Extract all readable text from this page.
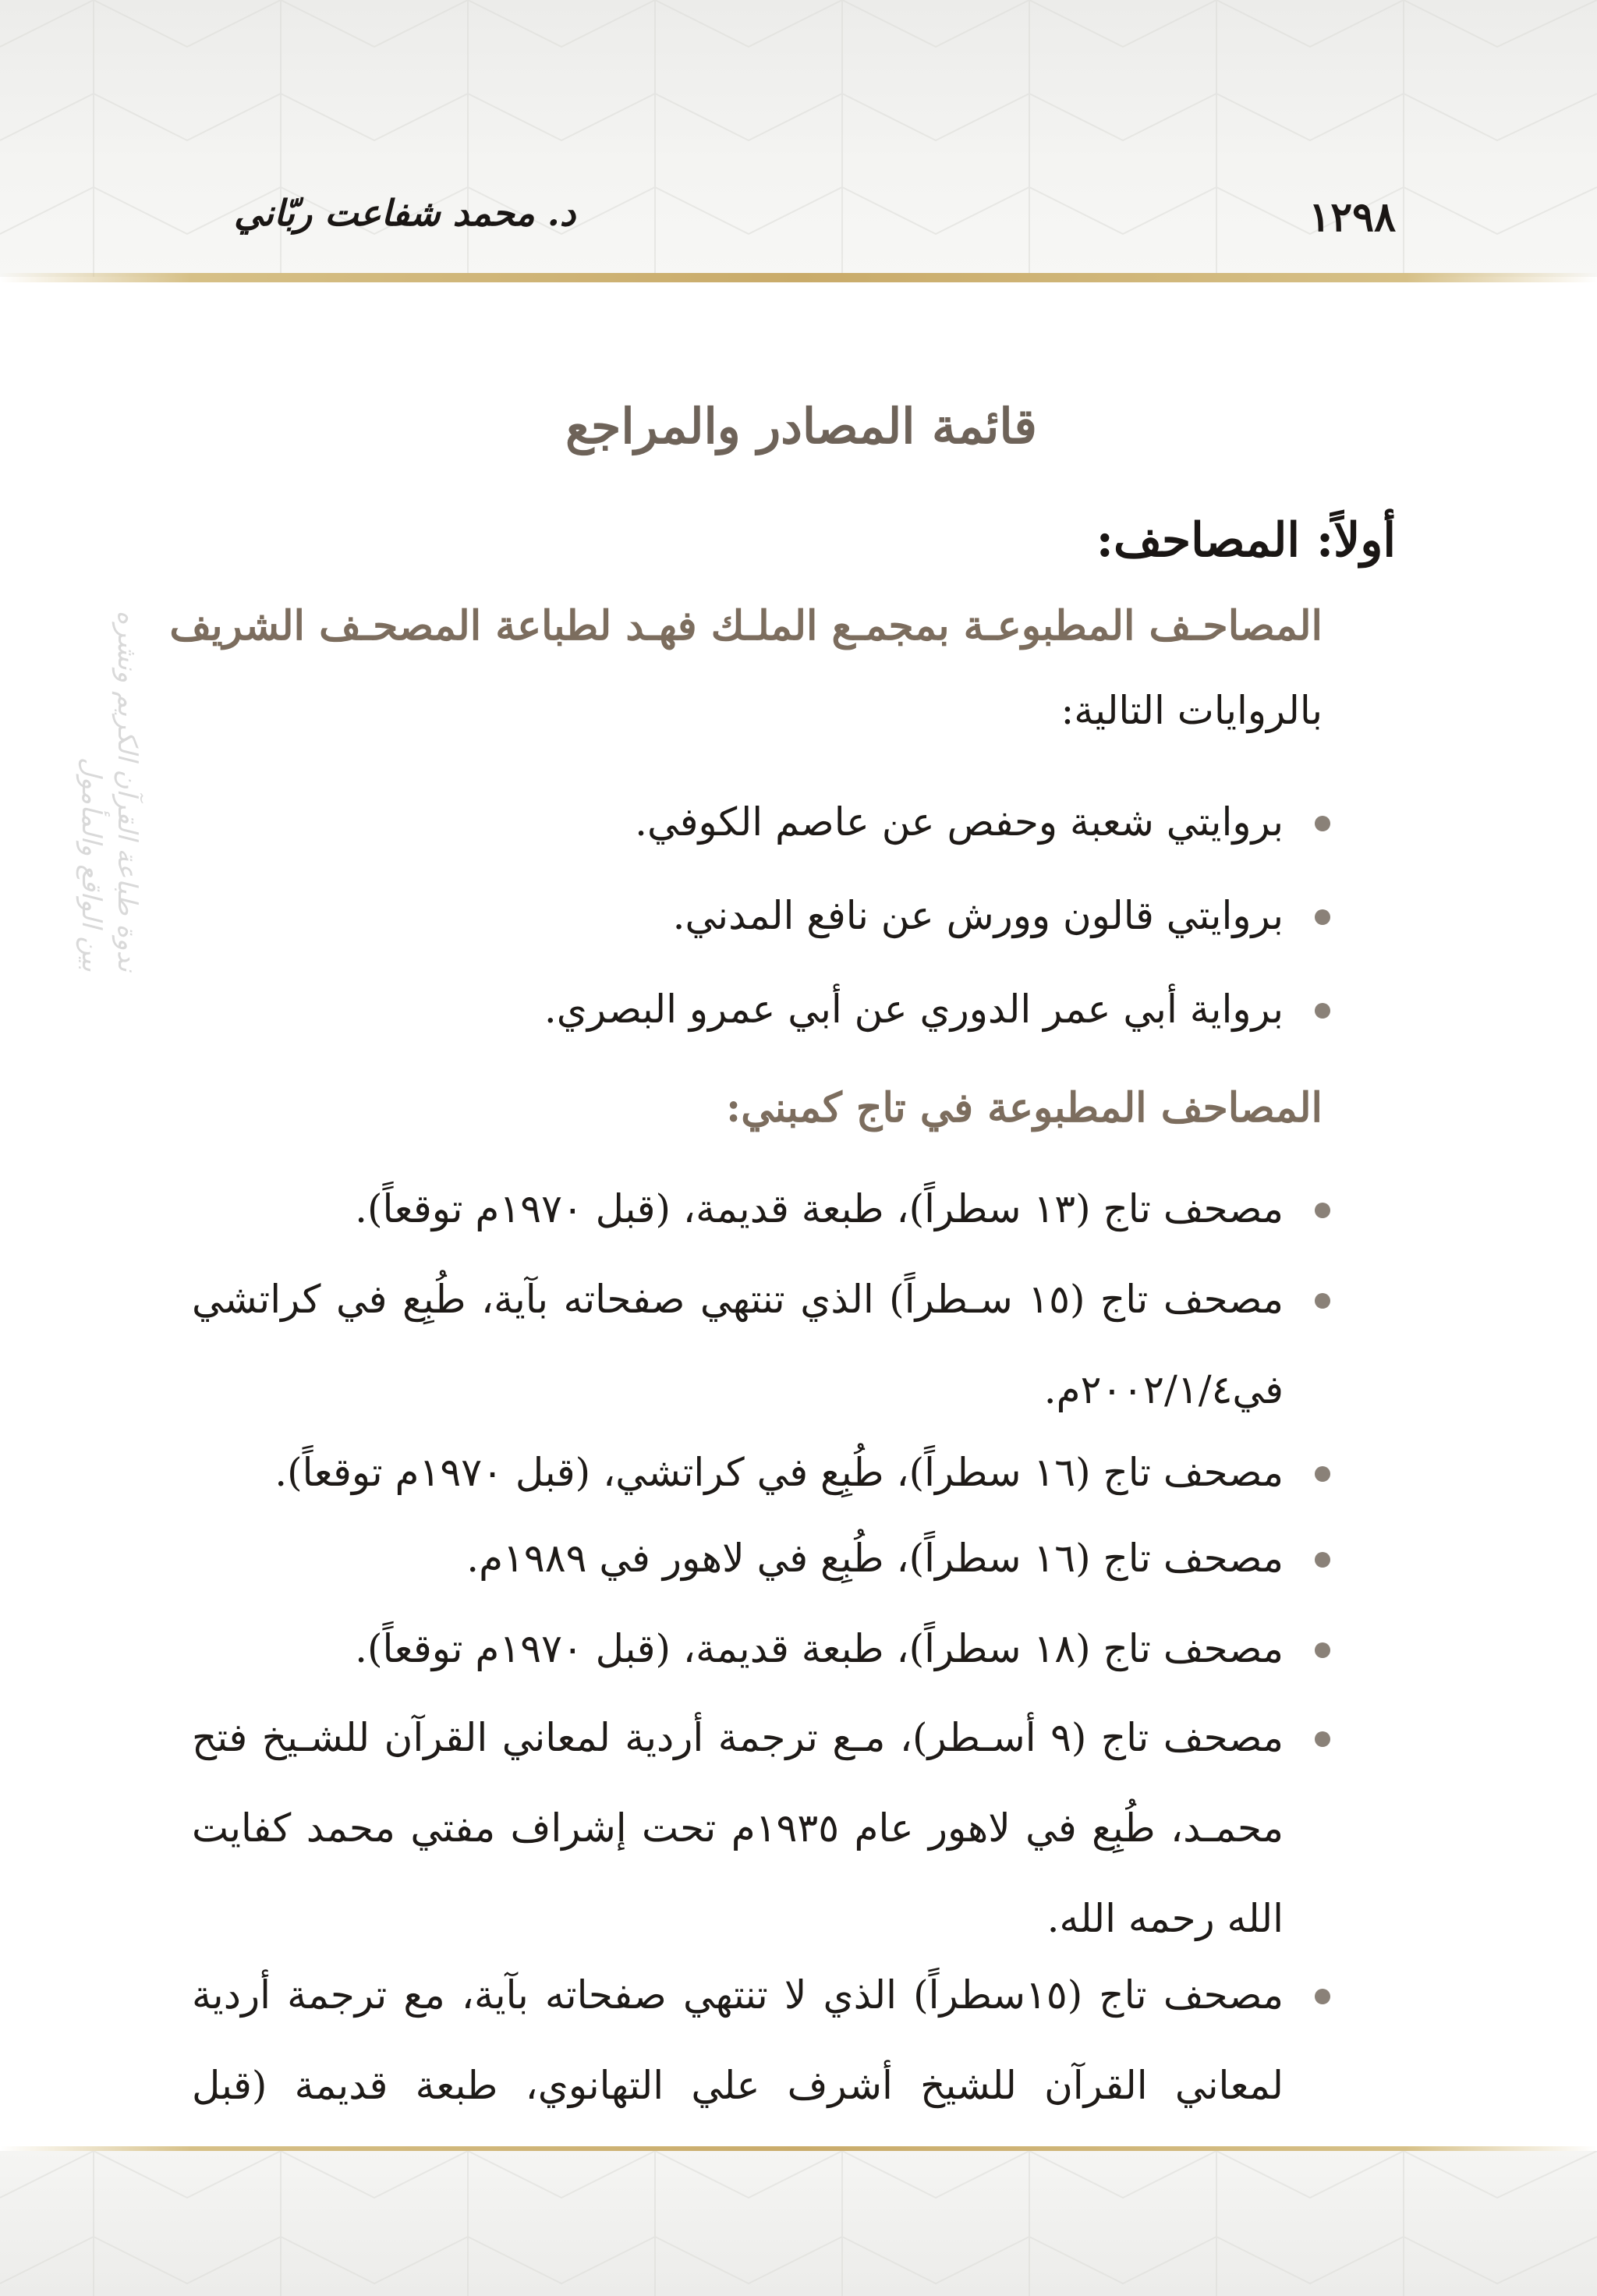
١٢٩٨
د. محمد شفاعت ربّاني
ندوة طباعة القرآن الكريم ونشره
بين الواقع والمأمول
قائمة المصادر والمراجع
أولاً: المصاحف:
المصاحـف المطبوعـة بمجمـع الملـك فهـد لطباعة المصحـف الشريف
بالروايات التالية:
بروايتي شعبة وحفص عن عاصم الكوفي.
بروايتي قالون وورش عن نافع المدني.
برواية أبي عمر الدوري عن أبي عمرو البصري.
المصاحف المطبوعة في تاج كمبني:
مصحف تاج (١٣ سطراً)، طبعة قديمة، (قبل ١٩٧٠م توقعاً).
مصحف تاج (١٥ سـطراً) الذي تنتهي صفحاته بآية، طُبِع في كراتشي في٢٠٠٢/١/٤م.
مصحف تاج (١٦ سطراً)، طُبِع في كراتشي، (قبل ١٩٧٠م توقعاً).
مصحف تاج (١٦ سطراً)، طُبِع في لاهور في ١٩٨٩م.
مصحف تاج (١٨ سطراً)، طبعة قديمة، (قبل ١٩٧٠م توقعاً).
مصحف تاج (٩ أسـطر)، مـع ترجمة أردية لمعاني القرآن للشـيخ فتح محمـد، طُبِع في لاهور عام ١٩٣٥م تحت إشراف مفتي محمد كفايت الله رحمه الله.
مصحف تاج (١٥سطراً) الذي لا تنتهي صفحاته بآية، مع ترجمة أردية لمعاني القرآن للشيخ أشرف علي التهانوي، طبعة قديمة (قبل
